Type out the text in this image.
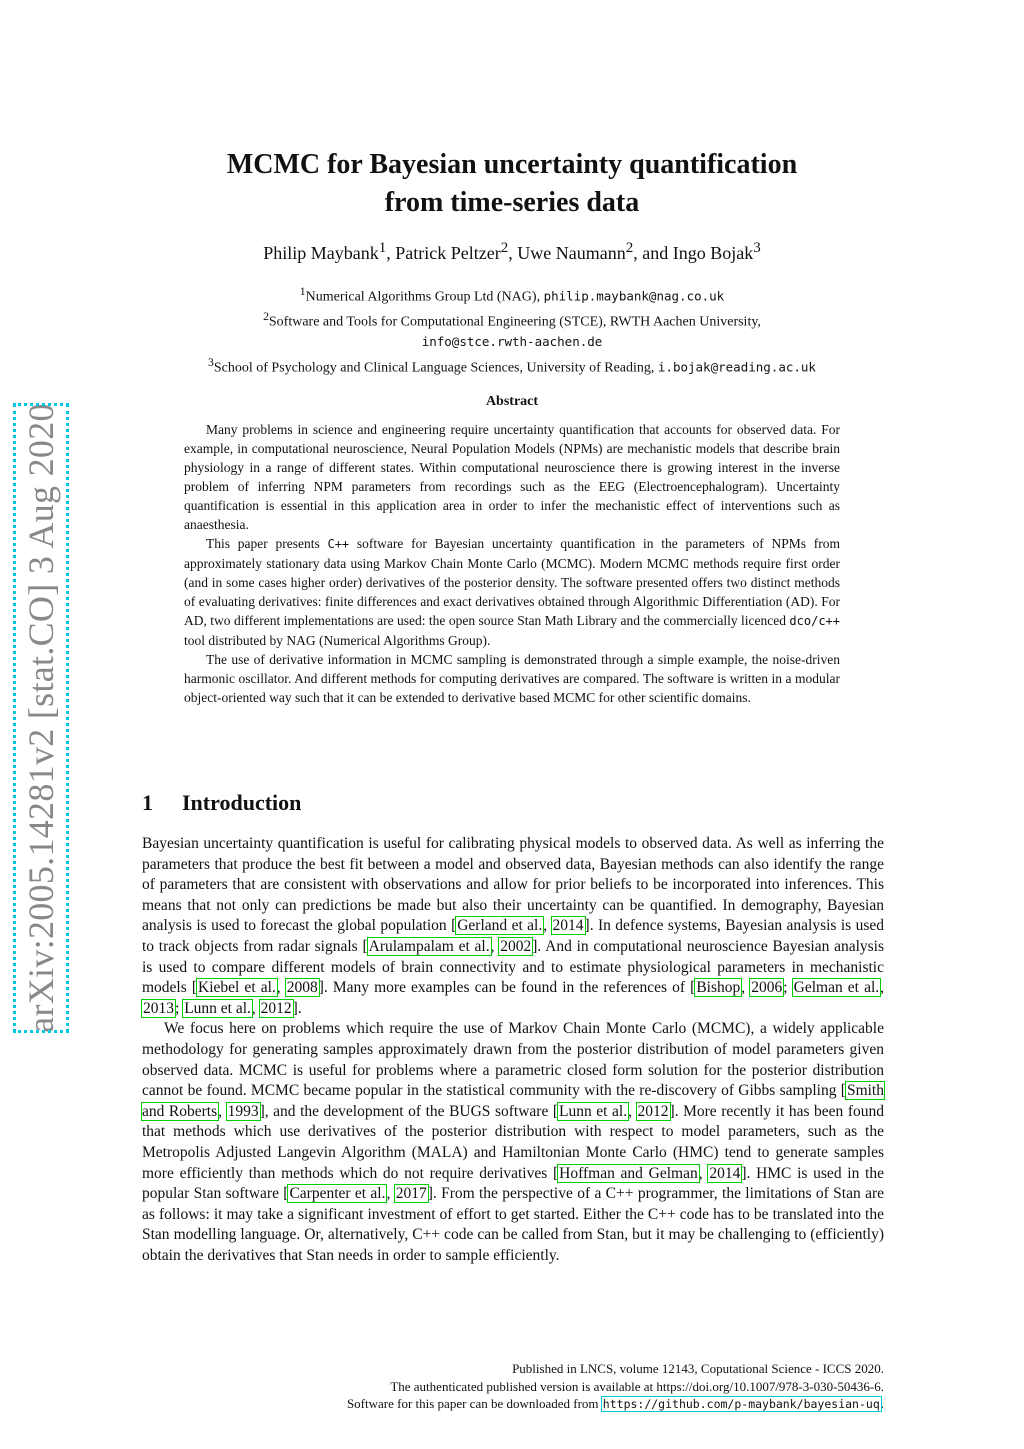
arXiv:2005.14281v2 [stat.CO] 3 Aug 2020
MCMC for Bayesian uncertainty quantification
from time-series data
Philip Maybank$^1$, Patrick Peltzer$^2$, Uwe Naumann$^2$, and Ingo Bojak$^3$
$^1$Numerical Algorithms Group Ltd (NAG), philip.maybank@nag.co.uk
$^2$Software and Tools for Computational Engineering (STCE), RWTH Aachen University,
info@stce.rwth-aachen.de
$^3$School of Psychology and Clinical Language Sciences, University of Reading, i.bojak@reading.ac.uk
Abstract

Many problems in science and engineering require uncertainty quantification that accounts for observed data. For example, in computational neuroscience, Neural Population Models (NPMs) are mechanistic models that describe brain physiology in a range of different states. Within computational neuroscience there is growing interest in the inverse problem of inferring NPM parameters from recordings such as the EEG (Electroencephalogram). Uncertainty quantification is essential in this application area in order to infer the mechanistic effect of interventions such as anaesthesia.

This paper presents C++ software for Bayesian uncertainty quantification in the parameters of NPMs from approximately stationary data using Markov Chain Monte Carlo (MCMC). Modern MCMC methods require first order (and in some cases higher order) derivatives of the posterior density. The software presented offers two distinct methods of evaluating derivatives: finite differences and exact derivatives obtained through Algorithmic Differentiation (AD). For AD, two different implementations are used: the open source Stan Math Library and the commercially licenced dco/c++ tool distributed by NAG (Numerical Algorithms Group).

The use of derivative information in MCMC sampling is demonstrated through a simple example, the noise-driven harmonic oscillator. And different methods for computing derivatives are compared. The software is written in a modular object-oriented way such that it can be extended to derivative based MCMC for other scientific domains.

1 Introduction

Bayesian uncertainty quantification is useful for calibrating physical models to observed data. As well as inferring the parameters that produce the best fit between a model and observed data, Bayesian methods can also identify the range of parameters that are consistent with observations and allow for prior beliefs to be incorporated into inferences. This means that not only can predictions be made but also their uncertainty can be quantified. In demography, Bayesian analysis is used to forecast the global population [Gerland et al., 2014]. In defence systems, Bayesian analysis is used to track objects from radar signals [Arulampalam et al., 2002]. And in computational neuroscience Bayesian analysis is used to compare different models of brain connectivity and to estimate physiological parameters in mechanistic models [Kiebel et al., 2008]. Many more examples can be found in the references of [Bishop, 2006; Gelman et al., 2013; Lunn et al., 2012].

We focus here on problems which require the use of Markov Chain Monte Carlo (MCMC), a widely applicable methodology for generating samples approximately drawn from the posterior distribution of model parameters given observed data. MCMC is useful for problems where a parametric closed form solution for the posterior distribution cannot be found. MCMC became popular in the statistical community with the re-discovery of Gibbs sampling [Smith and Roberts, 1993], and the development of the BUGS software [Lunn et al., 2012]. More recently it has been found that methods which use derivatives of the posterior distribution with respect to model parameters, such as the Metropolis Adjusted Langevin Algorithm (MALA) and Hamiltonian Monte Carlo (HMC) tend to generate samples more efficiently than methods which do not require derivatives [Hoffman and Gelman, 2014]. HMC is used in the popular Stan software [Carpenter et al., 2017]. From the perspective of a C++ programmer, the limitations of Stan are as follows: it may take a significant investment of effort to get started. Either the C++ code has to be translated into the Stan modelling language. Or, alternatively, C++ code can be called from Stan, but it may be challenging to (efficiently) obtain the derivatives that Stan needs in order to sample efficiently.

Published in LNCS, volume 12143, Coputational Science - ICCS 2020.
The authenticated published version is available at https://doi.org/10.1007/978-3-030-50436-6.
Software for this paper can be downloaded from https://github.com/p-maybank/bayesian-uq.
